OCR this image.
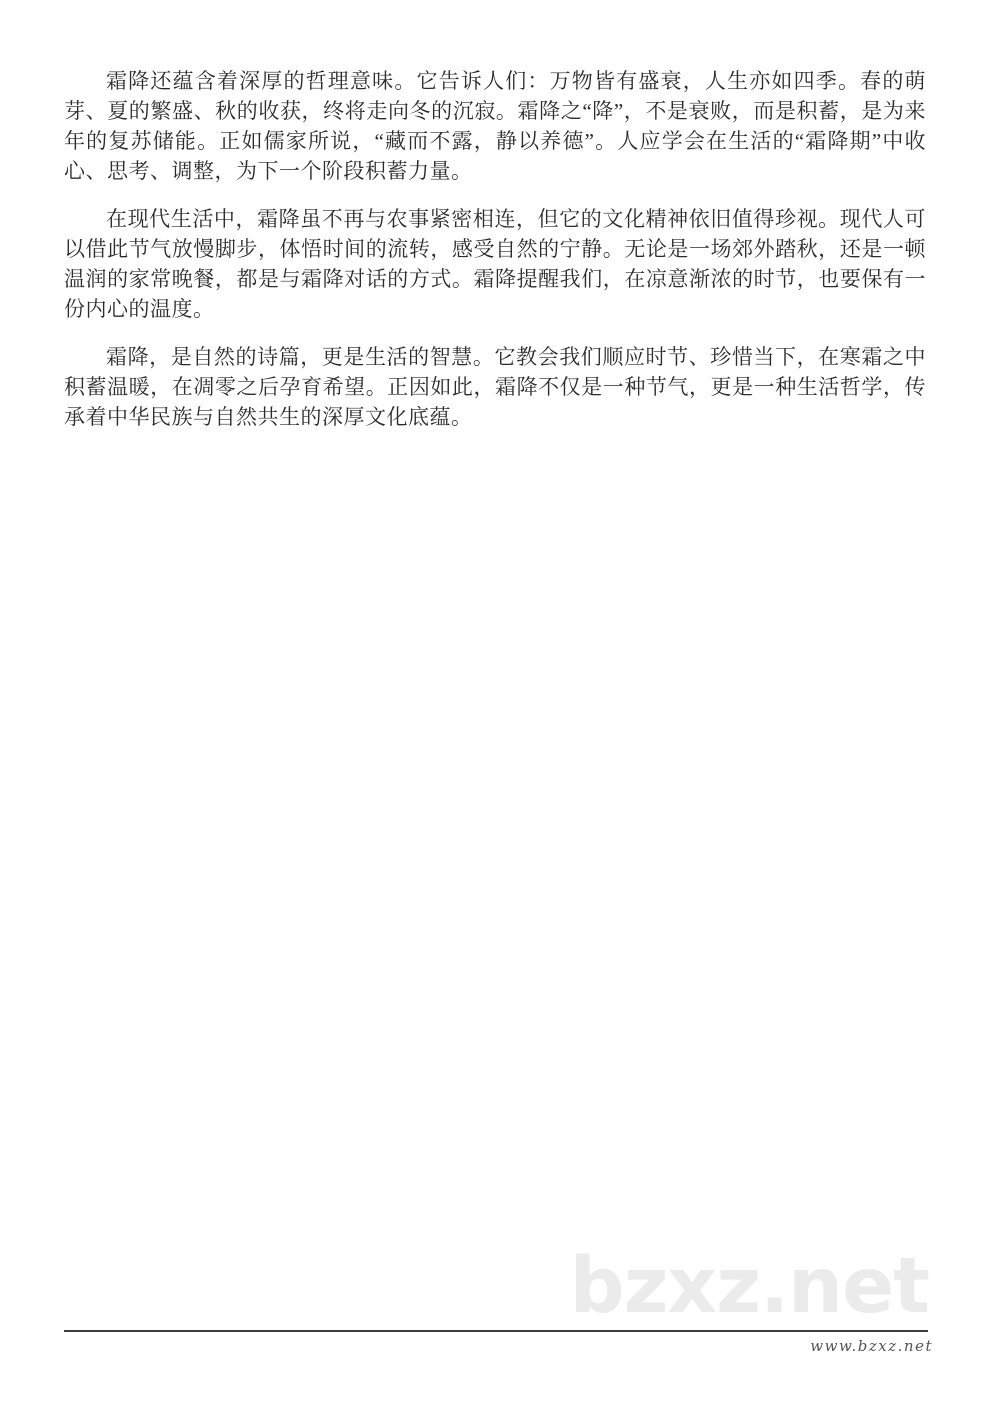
霜降还蕴含着深厚的哲理意味。它告诉人们：万物皆有盛衰，人生亦如四季。春的萌芽、夏的繁盛、秋的收获，终将走向冬的沉寂。霜降之“降”，不是衰败，而是积蓄，是为来年的复苏储能。正如儒家所说，“藏而不露，静以养德”。人应学会在生活的“霜降期”中收心、思考、调整，为下一个阶段积蓄力量。

在现代生活中，霜降虽不再与农事紧密相连，但它的文化精神依旧值得珍视。现代人可以借此节气放慢脚步，体悟时间的流转，感受自然的宁静。无论是一场郊外踏秋，还是一顿温润的家常晚餐，都是与霜降对话的方式。霜降提醒我们，在凉意渐浓的时节，也要保有一份内心的温度。

霜降，是自然的诗篇，更是生活的智慧。它教会我们顺应时节、珍惜当下，在寒霜之中积蓄温暖，在凋零之后孕育希望。正因如此，霜降不仅是一种节气，更是一种生活哲学，传承着中华民族与自然共生的深厚文化底蕴。

bzxz.net
www.bzxz.net
